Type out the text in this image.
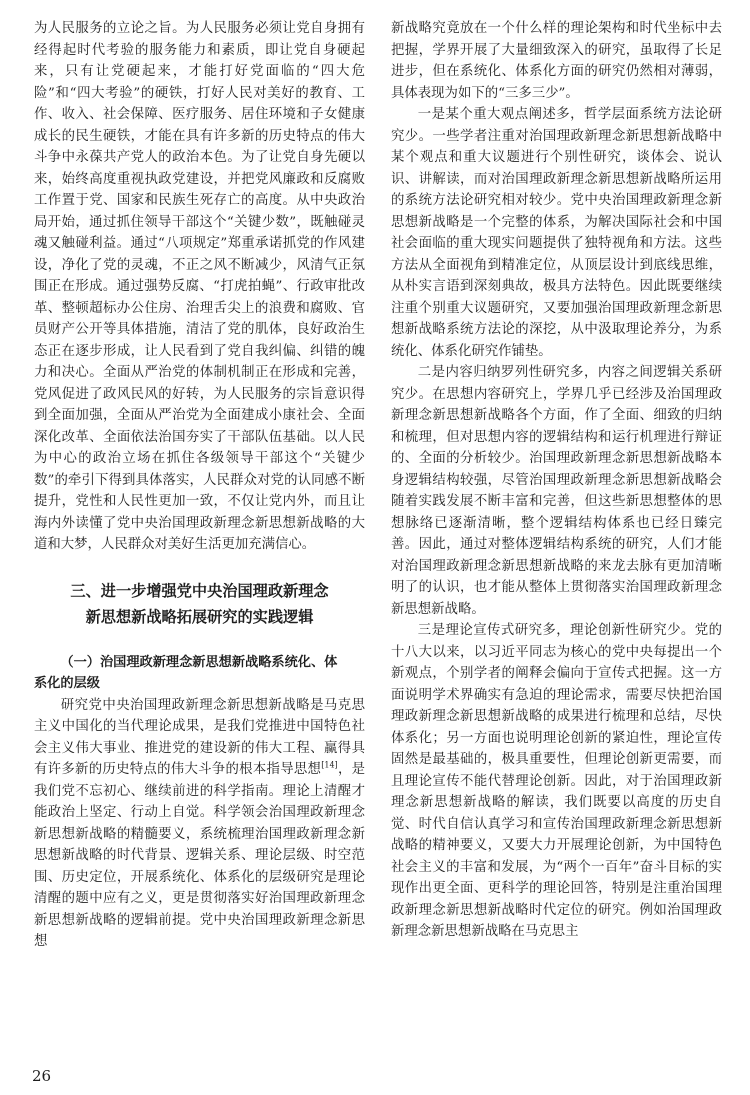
为人民服务的立论之旨。为人民服务必须让党自身拥有经得起时代考验的服务能力和素质，即让党自身硬起来，只有让党硬起来，才能打好党面临的“四大危险”和“四大考验”的硬铁，打好人民对美好的教育、工作、收入、社会保障、医疗服务、居住环境和子女健康成长的民生硬铁，才能在具有许多新的历史特点的伟大斗争中永葆共产党人的政治本色。为了让党自身先硬以来，始终高度重视执政党建设，并把党风廉政和反腐败工作置于党、国家和民族生死存亡的高度。从中央政治局开始，通过抓住领导干部这个“关键少数”，既触碰灵魂又触碰利益。通过“八项规定”郑重承诺抓党的作风建设，净化了党的灵魂，不正之风不断减少，风清气正氛围正在形成。通过强势反腐、“打虎拍蝇”、行政审批改革、整顿超标办公住房、治理舌尖上的浪费和腐败、官员财产公开等具体措施，清洁了党的肌体，良好政治生态正在逐步形成，让人民看到了党自我纠偏、纠错的魄力和决心。全面从严治党的体制机制正在形成和完善，党风促进了政风民风的好转，为人民服务的宗旨意识得到全面加强，全面从严治党为全面建成小康社会、全面深化改革、全面依法治国夯实了干部队伍基础。以人民为中心的政治立场在抓住各级领导干部这个“关键少数”的牵引下得到具体落实，人民群众对党的认同感不断提升，党性和人民性更加一致，不仅让党内外，而且让海内外读懂了党中央治国理政新理念新思想新战略的大道和大梦，人民群众对美好生活更加充满信心。

三、进一步增强党中央治国理政新理念
新思想新战略拓展研究的实践逻辑
（一）治国理政新理念新思想新战略系统化、体
系化的层级

研究党中央治国理政新理念新思想新战略是马克思主义中国化的当代理论成果，是我们党推进中国特色社会主义伟大事业、推进党的建设新的伟大工程、赢得具有许多新的历史特点的伟大斗争的根本指导思想[14]，是我们党不忘初心、继续前进的科学指南。理论上清醒才能政治上坚定、行动上自觉。科学领会治国理政新理念新思想新战略的精髓要义，系统梳理治国理政新理念新思想新战略的时代背景、逻辑关系、理论层级、时空范围、历史定位，开展系统化、体系化的层级研究是理论清醒的题中应有之义，更是贯彻落实好治国理政新理念新思想新战略的逻辑前提。党中央治国理政新理念新思想

新战略究竟放在一个什么样的理论架构和时代坐标中去把握，学界开展了大量细致深入的研究，虽取得了长足进步，但在系统化、体系化方面的研究仍然相对薄弱，具体表现为如下的“三多三少”。

一是某个重大观点阐述多，哲学层面系统方法论研究少。一些学者注重对治国理政新理念新思想新战略中某个观点和重大议题进行个别性研究，谈体会、说认识、讲解读，而对治国理政新理念新思想新战略所运用的系统方法论研究相对较少。党中央治国理政新理念新思想新战略是一个完整的体系，为解决国际社会和中国社会面临的重大现实问题提供了独特视角和方法。这些方法从全面视角到精准定位，从顶层设计到底线思维，从朴实言语到深刻典故，极具方法特色。因此既要继续注重个别重大议题研究，又要加强治国理政新理念新思想新战略系统方法论的深挖，从中汲取理论养分，为系统化、体系化研究作铺垫。

二是内容归纳罗列性研究多，内容之间逻辑关系研究少。在思想内容研究上，学界几乎已经涉及治国理政新理念新思想新战略各个方面，作了全面、细致的归纳和梳理，但对思想内容的逻辑结构和运行机理进行辩证的、全面的分析较少。治国理政新理念新思想新战略本身逻辑结构较强，尽管治国理政新理念新思想新战略会随着实践发展不断丰富和完善，但这些新思想整体的思想脉络已逐渐清晰，整个逻辑结构体系也已经日臻完善。因此，通过对整体逻辑结构系统的研究，人们才能对治国理政新理念新思想新战略的来龙去脉有更加清晰明了的认识，也才能从整体上贯彻落实治国理政新理念新思想新战略。

三是理论宣传式研究多，理论创新性研究少。党的十八大以来，以习近平同志为核心的党中央每提出一个新观点，个别学者的阐释会偏向于宣传式把握。这一方面说明学术界确实有急迫的理论需求，需要尽快把治国理政新理念新思想新战略的成果进行梳理和总结，尽快体系化；另一方面也说明理论创新的紧迫性，理论宣传固然是最基础的，极具重要性，但理论创新更需要，而且理论宣传不能代替理论创新。因此，对于治国理政新理念新思想新战略的解读，我们既要以高度的历史自觉、时代自信认真学习和宣传治国理政新理念新思想新战略的精神要义，又要大力开展理论创新，为中国特色社会主义的丰富和发展，为“两个一百年”奋斗目标的实现作出更全面、更科学的理论回答，特别是注重治国理政新理念新思想新战略时代定位的研究。例如治国理政新理念新思想新战略在马克思主

26
